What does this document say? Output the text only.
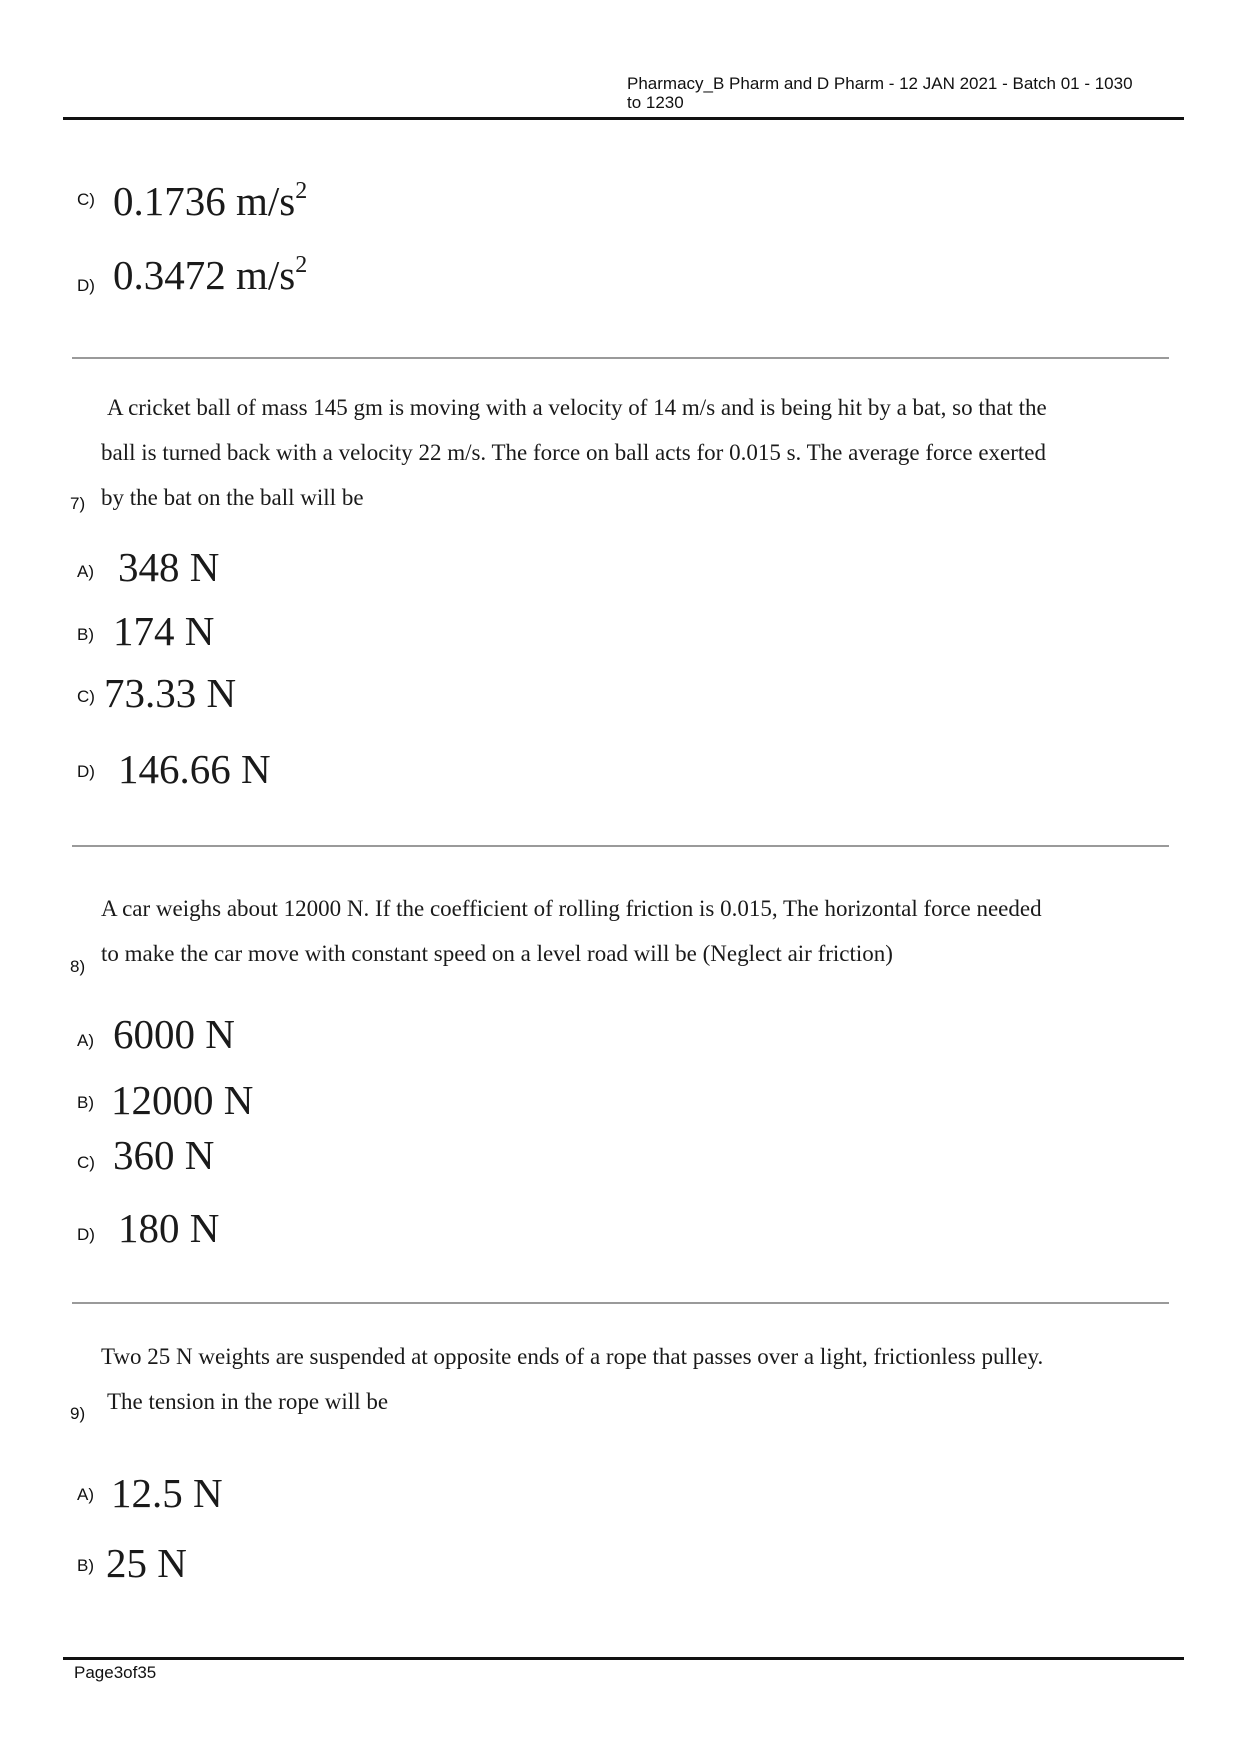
Pharmacy_B Pharm and D Pharm - 12 JAN 2021 - Batch 01 - 1030 to 1230
C) 0.1736 $m/s^2$
D) 0.3472 $m/s^2$
7)
A cricket ball of mass 145 gm is moving with a velocity of 14 m/s and is being hit by a bat, so that the
ball is turned back with a velocity 22 m/s. The force on ball acts for 0.015 s. The average force exerted
by the bat on the ball will be
A) 348 N
B) 174 N
C) 73.33 N
D) 146.66 N
8)
A car weighs about 12000 N. If the coefficient of rolling friction is 0.015, The horizontal force needed
to make the car move with constant speed on a level road will be (Neglect air friction)
A) 6000 N
B) 12000 N
C) 360 N
D) 180 N
9)
Two 25 N weights are suspended at opposite ends of a rope that passes over a light, frictionless pulley.
The tension in the rope will be
A) 12.5 N
B) 25 N
Page3of35
